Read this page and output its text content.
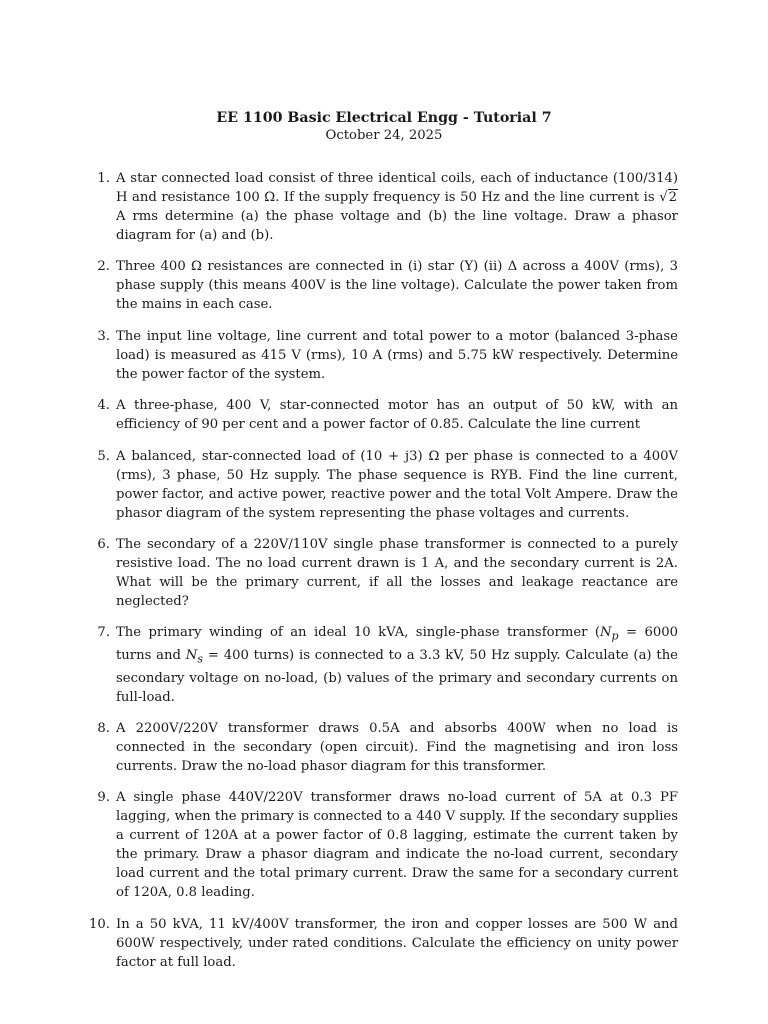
EE 1100 Basic Electrical Engg - Tutorial 7
October 24, 2025
1. A star connected load consist of three identical coils, each of inductance (100/314) H and resistance 100 Ω. If the supply frequency is 50 Hz and the line current is √2 A rms determine (a) the phase voltage and (b) the line voltage. Draw a phasor diagram for (a) and (b).
2. Three 400 Ω resistances are connected in (i) star (Y) (ii) Δ across a 400V (rms), 3 phase supply (this means 400V is the line voltage). Calculate the power taken from the mains in each case.
3. The input line voltage, line current and total power to a motor (balanced 3-phase load) is measured as 415 V (rms), 10 A (rms) and 5.75 kW respectively. Determine the power factor of the system.
4. A three-phase, 400 V, star-connected motor has an output of 50 kW, with an efficiency of 90 per cent and a power factor of 0.85. Calculate the line current
5. A balanced, star-connected load of (10 + j3) Ω per phase is connected to a 400V (rms), 3 phase, 50 Hz supply. The phase sequence is RYB. Find the line current, power factor, and active power, reactive power and the total Volt Ampere. Draw the phasor diagram of the system representing the phase voltages and currents.
6. The secondary of a 220V/110V single phase transformer is connected to a purely resistive load. The no load current drawn is 1 A, and the secondary current is 2A. What will be the primary current, if all the losses and leakage reactance are neglected?
7. The primary winding of an ideal 10 kVA, single-phase transformer ($N_p = 6000$ turns and $N_s = 400$ turns) is connected to a 3.3 kV, 50 Hz supply. Calculate (a) the secondary voltage on no-load, (b) values of the primary and secondary currents on full-load.
8. A 2200V/220V transformer draws 0.5A and absorbs 400W when no load is connected in the secondary (open circuit). Find the magnetising and iron loss currents. Draw the no-load phasor diagram for this transformer.
9. A single phase 440V/220V transformer draws no-load current of 5A at 0.3 PF lagging, when the primary is connected to a 440 V supply. If the secondary supplies a current of 120A at a power factor of 0.8 lagging, estimate the current taken by the primary. Draw a phasor diagram and indicate the no-load current, secondary load current and the total primary current. Draw the same for a secondary current of 120A, 0.8 leading.
10. In a 50 kVA, 11 kV/400V transformer, the iron and copper losses are 500 W and 600W respectively, under rated conditions. Calculate the efficiency on unity power factor at full load.
